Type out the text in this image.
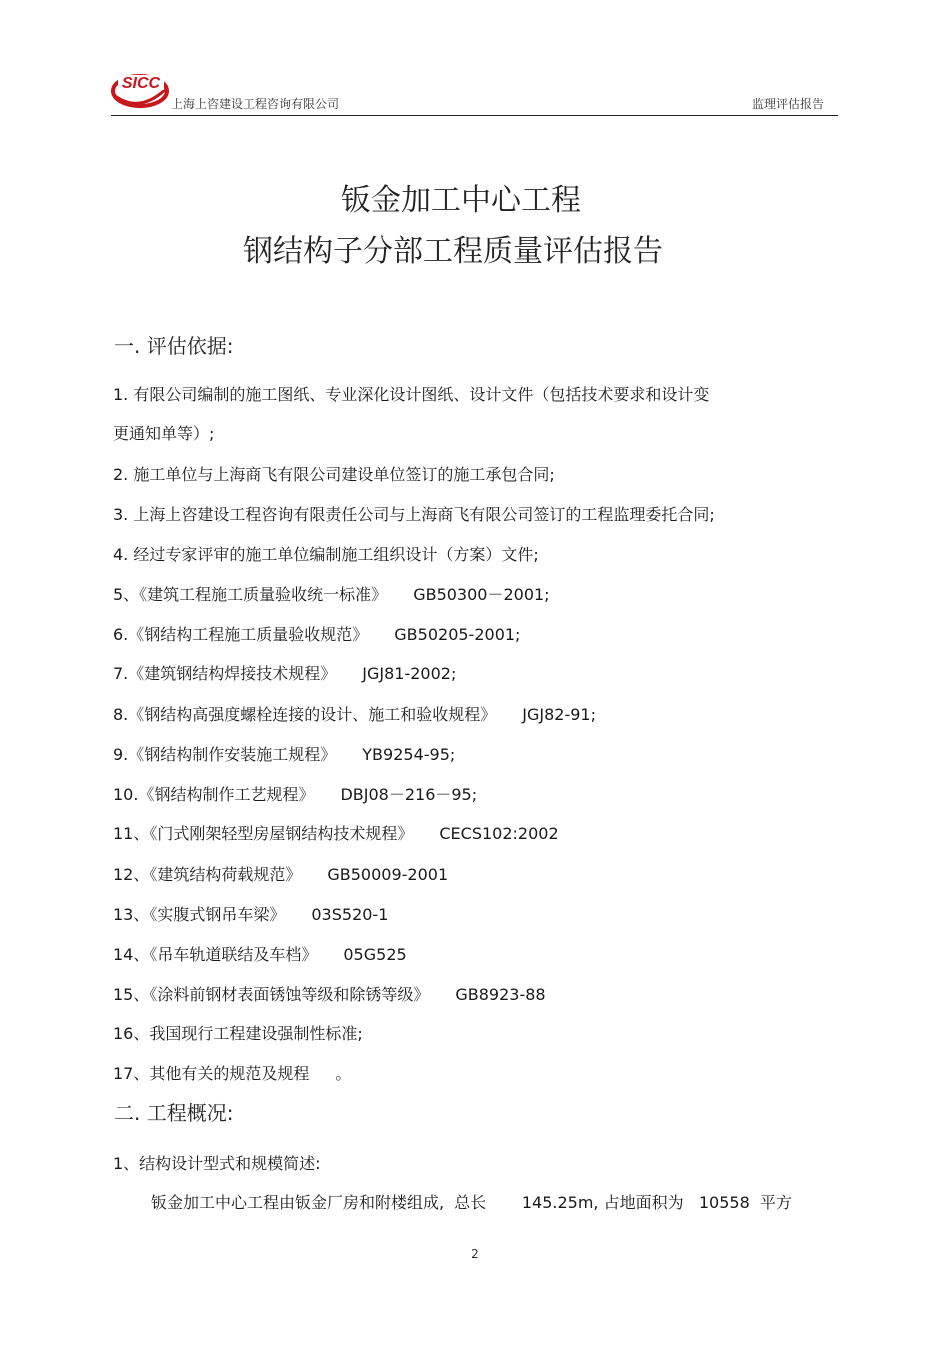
SICC
上海上咨建设工程咨询有限公司	监理评估报告
钣金加工中心工程
钢结构子分部工程质量评估报告
一. 评估依据:
1. 有限公司编制的施工图纸、专业深化设计图纸、设计文件（包括技术要求和设计变
更通知单等）;
2. 施工单位与上海商飞有限公司建设单位签订的施工承包合同;
3. 上海上咨建设工程咨询有限责任公司与上海商飞有限公司签订的工程监理委托合同;
4. 经过专家评审的施工单位编制施工组织设计（方案）文件;
5、《建筑工程施工质量验收统一标准》 GB50300－2001;
6.《钢结构工程施工质量验收规范》 GB50205-2001;
7.《建筑钢结构焊接技术规程》 JGJ81-2002;
8.《钢结构高强度螺栓连接的设计、施工和验收规程》 JGJ82-91;
9.《钢结构制作安装施工规程》 YB9254-95;
10.《钢结构制作工艺规程》 DBJ08－216－95;
11、《门式刚架轻型房屋钢结构技术规程》 CECS102:2002
12、《建筑结构荷载规范》 GB50009-2001
13、《实腹式钢吊车梁》 03S520-1
14、《吊车轨道联结及车档》 05G525
15、《涂料前钢材表面锈蚀等级和除锈等级》 GB8923-88
16、我国现行工程建设强制性标准;
17、其他有关的规范及规程 。
二. 工程概况:
1、结构设计型式和规模简述:
钣金加工中心工程由钣金厂房和附楼组成,  总长       145.25m, 占地面积为   10558  平方
2
